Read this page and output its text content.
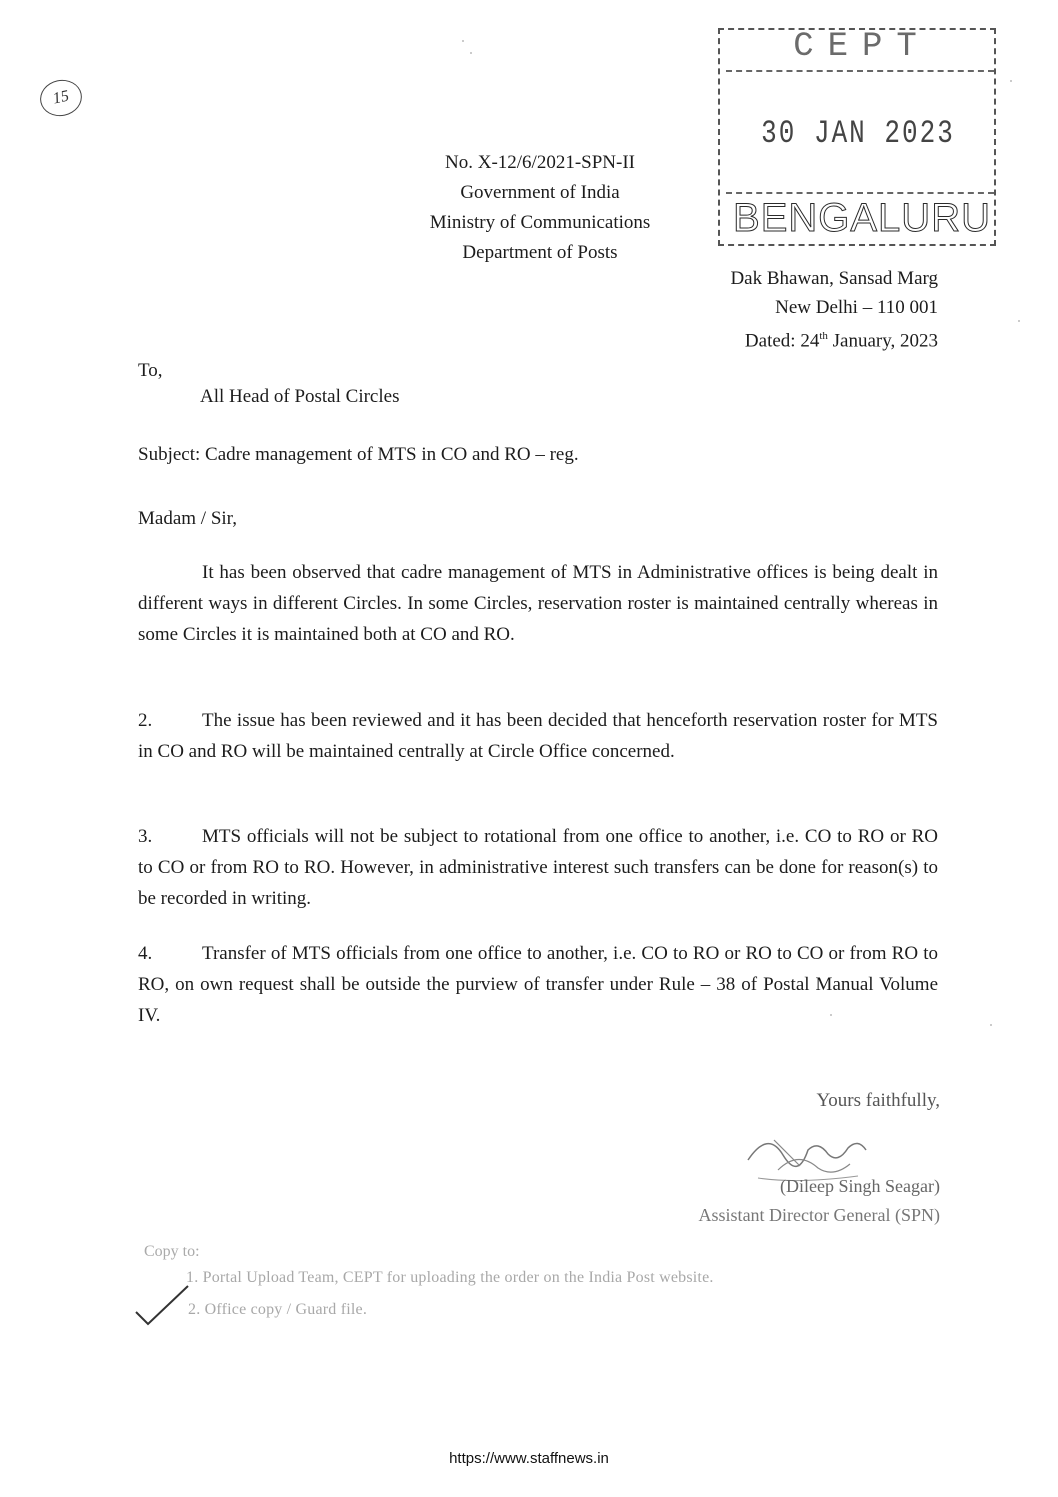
15
CEPT
30 JAN 2023
BENGALURU
No. X-12/6/2021-SPN-II
Government of India
Ministry of Communications
Department of Posts
Dak Bhawan, Sansad Marg
New Delhi – 110 001
Dated: 24th January, 2023
To,
All Head of Postal Circles
Subject: Cadre management of MTS in CO and RO – reg.
Madam / Sir,
It has been observed that cadre management of MTS in Administrative offices is being dealt in different ways in different Circles. In some Circles, reservation roster is maintained centrally whereas in some Circles it is maintained both at CO and RO.
2.	The issue has been reviewed and it has been decided that henceforth reservation roster for MTS in CO and RO will be maintained centrally at Circle Office concerned.
3.	MTS officials will not be subject to rotational from one office to another, i.e. CO to RO or RO to CO or from RO to RO. However, in administrative interest such transfers can be done for reason(s) to be recorded in writing.
4.	Transfer of MTS officials from one office to another, i.e. CO to RO or RO to CO or from RO to RO, on own request shall be outside the purview of transfer under Rule – 38 of Postal Manual Volume IV.
Yours faithfully,
(Dileep Singh Seagar)
Assistant Director General (SPN)
Copy to:
1. Portal Upload Team, CEPT for uploading the order on the India Post website.
2. Office copy / Guard file.
https://www.staffnews.in
